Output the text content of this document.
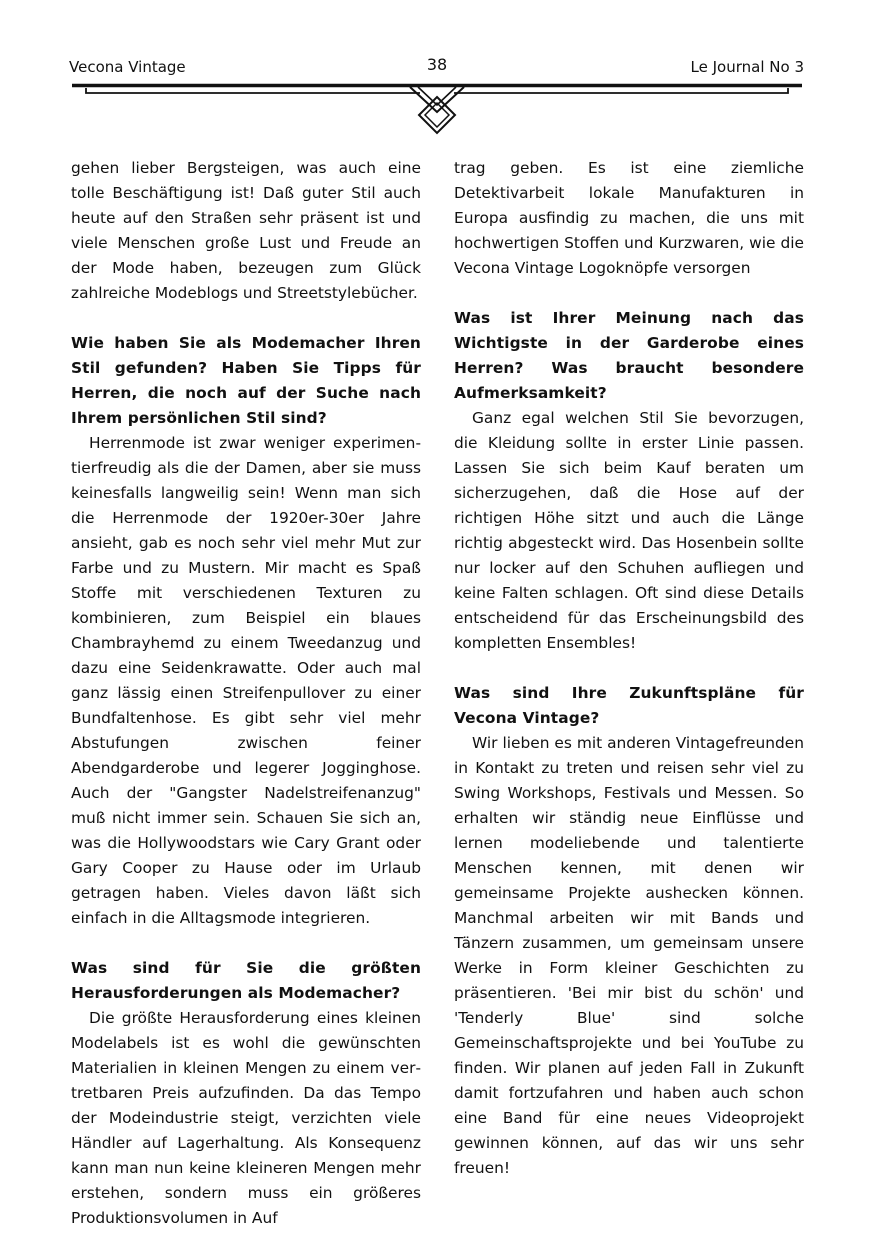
Vecona Vintage	38	Le Journal No 3

gehen lieber Bergsteigen, was auch eine tolle Beschäftigung ist! Daß guter Stil auch heute auf den Straßen sehr präsent ist und viele Menschen große Lust und Freude an der Mode haben, bezeugen zum Glück zahlreiche Modeblogs und Streetstylebücher.

Wie haben Sie als Modemacher Ihren Stil gefunden? Haben Sie Tipps für Herren, die noch auf der Suche nach Ihrem persönlichen Stil sind?

Herrenmode ist zwar weniger experimentierfreudig als die der Damen, aber sie muss keinesfalls langweilig sein! Wenn man sich die Herrenmode der 1920er-30er Jahre ansieht, gab es noch sehr viel mehr Mut zur Farbe und zu Mustern. Mir macht es Spaß Stoffe mit verschiedenen Texturen zu kombinieren, zum Beispiel ein blaues Chambrayhemd zu einem Tweedanzug und dazu eine Seidenkrawatte. Oder auch mal ganz lässig einen Streifenpullover zu einer Bundfaltenhose. Es gibt sehr viel mehr Abstufungen zwischen feiner Abendgarderobe und legerer Jogginghose. Auch der "Gangster Nadelstreifenanzug" muß nicht immer sein. Schauen Sie sich an, was die Hollywoodstars wie Cary Grant oder Gary Cooper zu Hause oder im Urlaub getragen haben. Vieles davon läßt sich einfach in die Alltagsmode integrieren.

Was sind für Sie die größten Herausforderungen als Modemacher?

Die größte Herausforderung eines kleinen Modelabels ist es wohl die gewünschten Materialien in kleinen Mengen zu einem vertretbaren Preis aufzufinden. Da das Tempo der Modeindustrie steigt, verzichten viele Händler auf Lagerhaltung. Als Konsequenz kann man nun keine kleineren Mengen mehr erstehen, sondern muss ein größeres Produktionsvolumen in Auf

trag geben. Es ist eine ziemliche Detektivarbeit lokale Manufakturen in Europa ausfindig zu machen, die uns mit hochwertigen Stoffen und Kurzwaren, wie die Vecona Vintage Logoknöpfe versorgen

Was ist Ihrer Meinung nach das Wichtigste in der Garderobe eines Herren? Was braucht besondere Aufmerksamkeit?

Ganz egal welchen Stil Sie bevorzugen, die Kleidung sollte in erster Linie passen. Lassen Sie sich beim Kauf beraten um sicherzugehen, daß die Hose auf der richtigen Höhe sitzt und auch die Länge richtig abgesteckt wird. Das Hosenbein sollte nur locker auf den Schuhen aufliegen und keine Falten schlagen. Oft sind diese Details entscheidend für das Erscheinungsbild des kompletten Ensembles!

Was sind Ihre Zukunftspläne für Vecona Vintage?

Wir lieben es mit anderen Vintagefreunden in Kontakt zu treten und reisen sehr viel zu Swing Workshops, Festivals und Messen. So erhalten wir ständig neue Einflüsse und lernen modeliebende und talentierte Menschen kennen, mit denen wir gemeinsame Projekte aushecken können. Manchmal arbeiten wir mit Bands und Tänzern zusammen, um gemeinsam unsere Werke in Form kleiner Geschichten zu präsentieren. 'Bei mir bist du schön' und 'Tenderly Blue' sind solche Gemeinschaftsprojekte und bei YouTube zu finden. Wir planen auf jeden Fall in Zukunft damit fortzufahren und haben auch schon eine Band für eine neues Videoprojekt gewinnen können, auf das wir uns sehr freuen!
